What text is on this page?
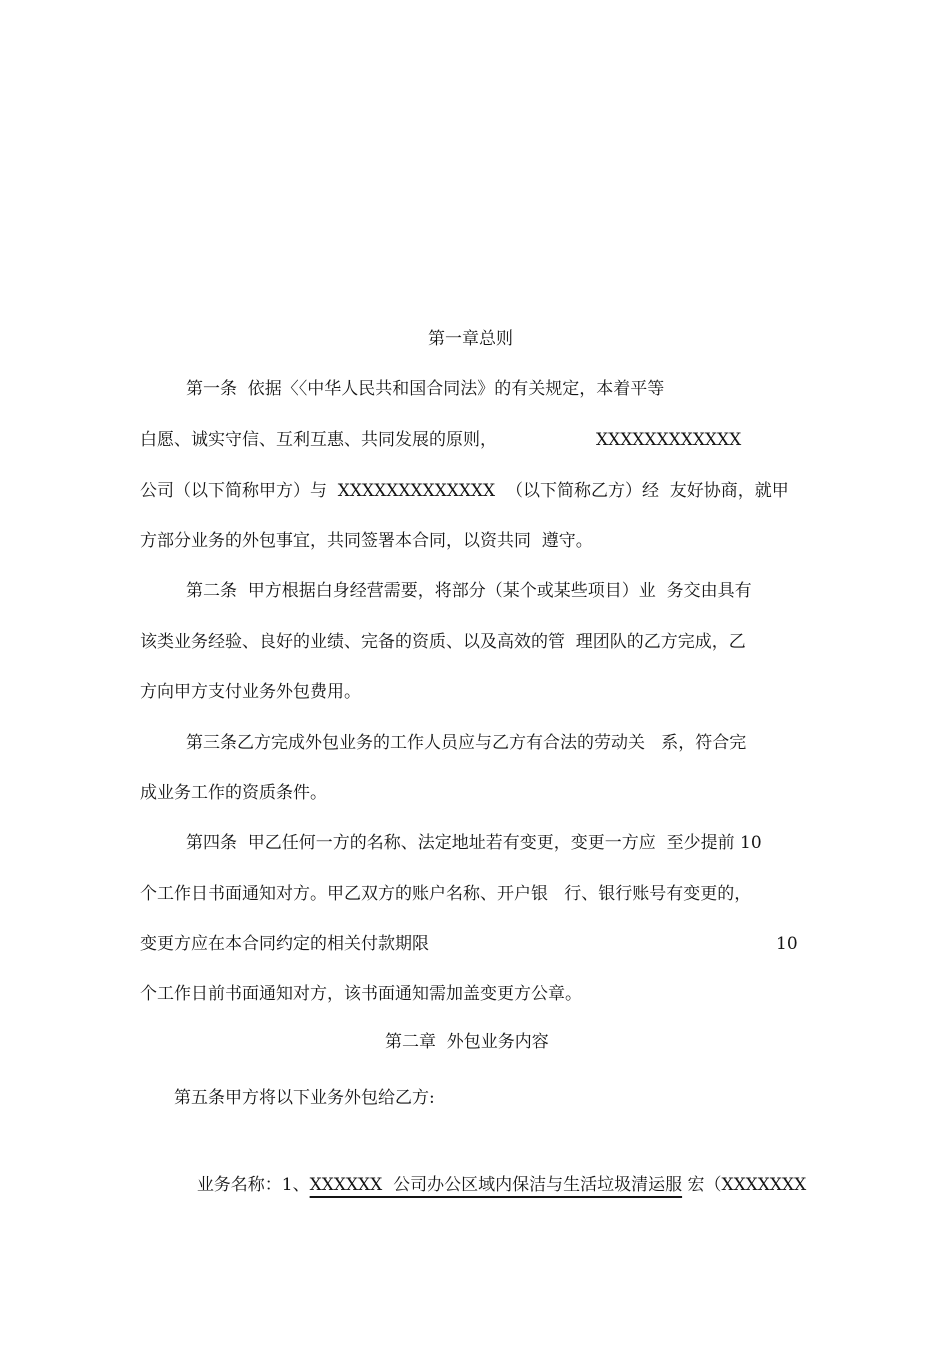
第一章总则
第一条  依据〈〈中华人民共和国合同法》的有关规定，本着平等
白愿、诚实守信、互利互惠、共同发展的原则，	XXXXXXXXXXXX
公司（以下简称甲方）与  XXXXXXXXXXXXX  （以下简称乙方）经  友好协商，就甲
方部分业务的外包事宜，共同签署本合同，以资共同  遵守。
第二条  甲方根据白身经营需要，将部分（某个或某些项目）业  务交由具有
该类业务经验、良好的业绩、完备的资质、以及高效的管  理团队的乙方完成，乙
方向甲方支付业务外包费用。
第三条乙方完成外包业务的工作人员应与乙方有合法的劳动关   系，符合完
成业务工作的资质条件。
第四条  甲乙任何一方的名称、法定地址若有变更，变更一方应  至少提前 10
个工作日书面通知对方。甲乙双方的账户名称、开户银   行、银行账号有变更的，
变更方应在本合同约定的相关付款期限	10
个工作日前书面通知对方，该书面通知需加盖变更方公章。
第二章  外包业务内容
第五条甲方将以下业务外包给乙方:

业务名称：1、XXXXXX  公司办公区域内保洁与生活垃圾清运服 宏（XXXXXXX
